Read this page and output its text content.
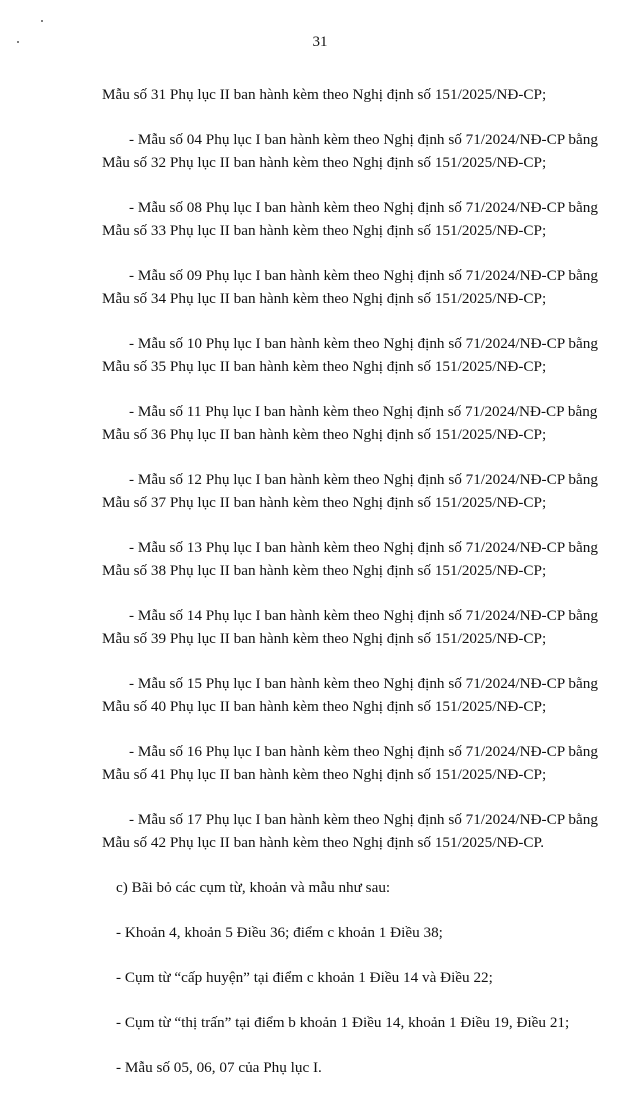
31

Mẫu số 31 Phụ lục II ban hành kèm theo Nghị định số 151/2025/NĐ-CP;

- Mẫu số 04 Phụ lục I ban hành kèm theo Nghị định số 71/2024/NĐ-CP bằng
Mẫu số 32 Phụ lục II ban hành kèm theo Nghị định số 151/2025/NĐ-CP;

- Mẫu số 08 Phụ lục I ban hành kèm theo Nghị định số 71/2024/NĐ-CP bằng
Mẫu số 33 Phụ lục II ban hành kèm theo Nghị định số 151/2025/NĐ-CP;

- Mẫu số 09 Phụ lục I ban hành kèm theo Nghị định số 71/2024/NĐ-CP bằng
Mẫu số 34 Phụ lục II ban hành kèm theo Nghị định số 151/2025/NĐ-CP;

- Mẫu số 10 Phụ lục I ban hành kèm theo Nghị định số 71/2024/NĐ-CP bằng
Mẫu số 35 Phụ lục II ban hành kèm theo Nghị định số 151/2025/NĐ-CP;

- Mẫu số 11 Phụ lục I ban hành kèm theo Nghị định số 71/2024/NĐ-CP bằng
Mẫu số 36 Phụ lục II ban hành kèm theo Nghị định số 151/2025/NĐ-CP;

- Mẫu số 12 Phụ lục I ban hành kèm theo Nghị định số 71/2024/NĐ-CP bằng
Mẫu số 37 Phụ lục II ban hành kèm theo Nghị định số 151/2025/NĐ-CP;

- Mẫu số 13 Phụ lục I ban hành kèm theo Nghị định số 71/2024/NĐ-CP bằng
Mẫu số 38 Phụ lục II ban hành kèm theo Nghị định số 151/2025/NĐ-CP;

- Mẫu số 14 Phụ lục I ban hành kèm theo Nghị định số 71/2024/NĐ-CP bằng
Mẫu số 39 Phụ lục II ban hành kèm theo Nghị định số 151/2025/NĐ-CP;

- Mẫu số 15 Phụ lục I ban hành kèm theo Nghị định số 71/2024/NĐ-CP bằng
Mẫu số 40 Phụ lục II ban hành kèm theo Nghị định số 151/2025/NĐ-CP;

- Mẫu số 16 Phụ lục I ban hành kèm theo Nghị định số 71/2024/NĐ-CP bằng
Mẫu số 41 Phụ lục II ban hành kèm theo Nghị định số 151/2025/NĐ-CP;

- Mẫu số 17 Phụ lục I ban hành kèm theo Nghị định số 71/2024/NĐ-CP bằng
Mẫu số 42 Phụ lục II ban hành kèm theo Nghị định số 151/2025/NĐ-CP.

c) Bãi bỏ các cụm từ, khoản và mẫu như sau:

- Khoản 4, khoản 5 Điều 36; điểm c khoản 1 Điều 38;

- Cụm từ “cấp huyện” tại điểm c khoản 1 Điều 14 và Điều 22;

- Cụm từ “thị trấn” tại điểm b khoản 1 Điều 14, khoản 1 Điều 19, Điều 21;

- Mẫu số 05, 06, 07 của Phụ lục I.
